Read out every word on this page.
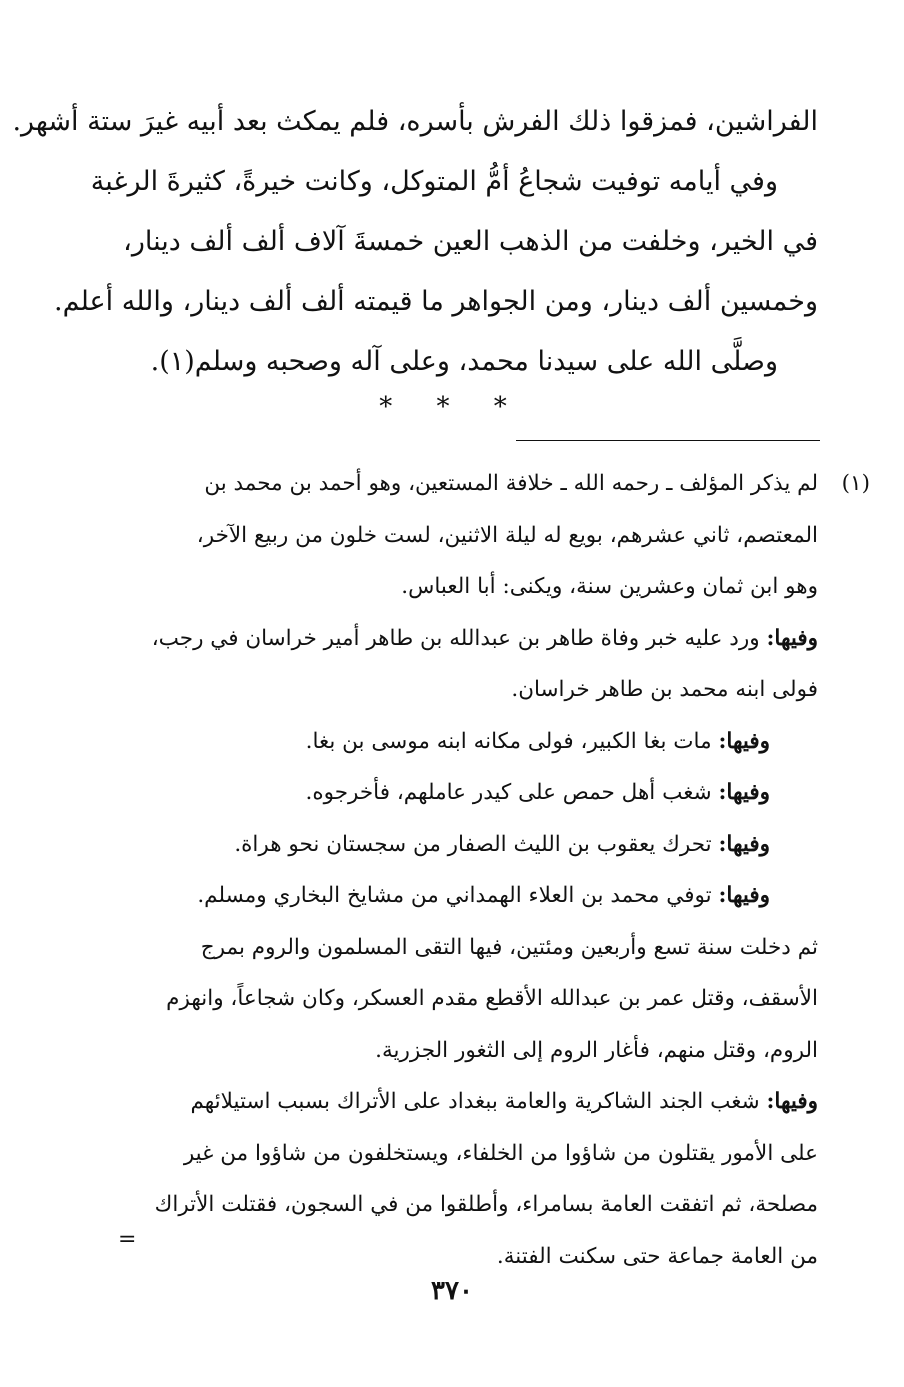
الفراشين، فمزقوا ذلك الفرش بأسره، فلم يمكث بعد أبيه غيرَ ستة أشهر.
وفي أيامه توفيت شجاعُ أمُّ المتوكل، وكانت خيرةً، كثيرةَ الرغبة
في الخير، وخلفت من الذهب العين خمسةَ آلاف ألف ألف دينار،
وخمسين ألف دينار، ومن الجواهر ما قيمته ألف ألف دينار، والله أعلم.
وصلَّى الله على سيدنا محمد، وعلى آله وصحبه وسلم(١).
* * *
(١)
لم يذكر المؤلف ـ رحمه الله ـ خلافة المستعين، وهو أحمد بن محمد بن
المعتصم، ثاني عشرهم، بويع له ليلة الاثنين، لست خلون من ربيع الآخر،
وهو ابن ثمان وعشرين سنة، ويكنى: أبا العباس.
وفيها: ورد عليه خبر وفاة طاهر بن عبدالله بن طاهر أمير خراسان في رجب،
فولى ابنه محمد بن طاهر خراسان.
وفيها: مات بغا الكبير، فولى مكانه ابنه موسى بن بغا.
وفيها: شغب أهل حمص على كيدر عاملهم، فأخرجوه.
وفيها: تحرك يعقوب بن الليث الصفار من سجستان نحو هراة.
وفيها: توفي محمد بن العلاء الهمداني من مشايخ البخاري ومسلم.
ثم دخلت سنة تسع وأربعين ومئتين، فيها التقى المسلمون والروم بمرج
الأسقف، وقتل عمر بن عبدالله الأقطع مقدم العسكر، وكان شجاعاً، وانهزم
الروم، وقتل منهم، فأغار الروم إلى الثغور الجزرية.
وفيها: شغب الجند الشاكرية والعامة ببغداد على الأتراك بسبب استيلائهم
على الأمور يقتلون من شاؤوا من الخلفاء، ويستخلفون من شاؤوا من غير
مصلحة، ثم اتفقت العامة بسامراء، وأطلقوا من في السجون، فقتلت الأتراك
من العامة جماعة حتى سكنت الفتنة.
=
٣٧٠
